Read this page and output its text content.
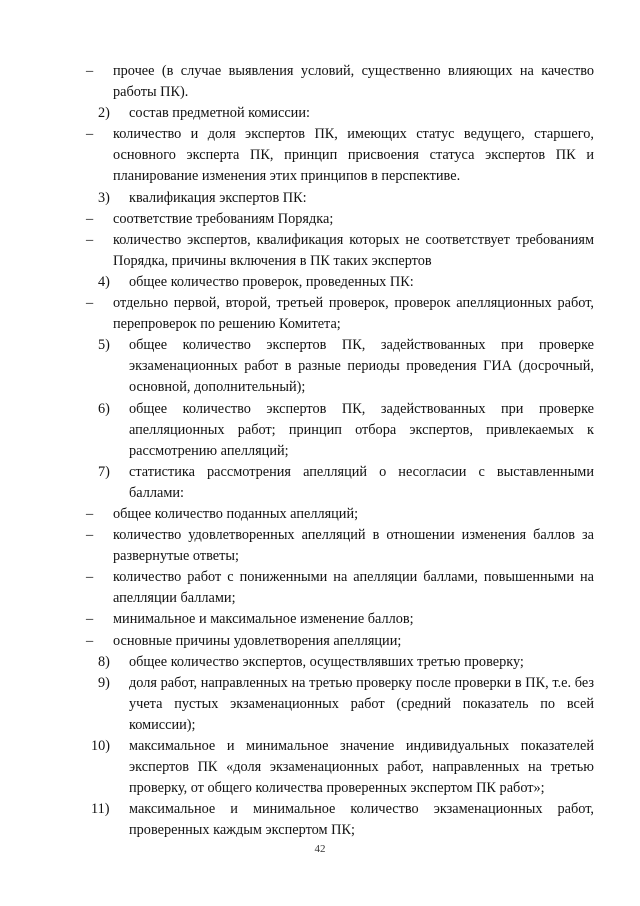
–	прочее (в случае выявления условий, существенно влияющих на качество работы ПК).
2)	состав предметной комиссии:
–	количество и доля экспертов ПК, имеющих статус ведущего, старшего, основного эксперта ПК, принцип присвоения статуса экспертов ПК и планирование изменения этих принципов в перспективе.
3)	квалификация экспертов ПК:
–	соответствие требованиям Порядка;
–	количество экспертов, квалификация которых не соответствует требованиям Порядка, причины включения в ПК таких экспертов
4)	общее количество проверок, проведенных ПК:
–	отдельно первой, второй, третьей проверок, проверок апелляционных работ, перепроверок по решению Комитета;
5)	общее количество экспертов ПК, задействованных при проверке экзаменационных работ в разные периоды проведения ГИА (досрочный, основной, дополнительный);
6)	общее количество экспертов ПК, задействованных при проверке апелляционных работ; принцип отбора экспертов, привлекаемых к рассмотрению апелляций;
7)	статистика рассмотрения апелляций о несогласии с выставленными баллами:
–	общее количество поданных апелляций;
–	количество удовлетворенных апелляций в отношении изменения баллов за развернутые ответы;
–	количество работ с пониженными на апелляции баллами, повышенными на апелляции баллами;
–	минимальное и максимальное изменение баллов;
–	основные причины удовлетворения апелляции;
8)	общее количество экспертов, осуществлявших третью проверку;
9)	доля работ, направленных на третью проверку после проверки в ПК, т.е. без учета пустых экзаменационных работ (средний показатель по всей комиссии);
10)	максимальное и минимальное значение индивидуальных показателей экспертов ПК «доля экзаменационных работ, направленных на третью проверку, от общего количества проверенных экспертом ПК работ»;
11)	максимальное и минимальное количество экзаменационных работ, проверенных каждым экспертом ПК;
42
